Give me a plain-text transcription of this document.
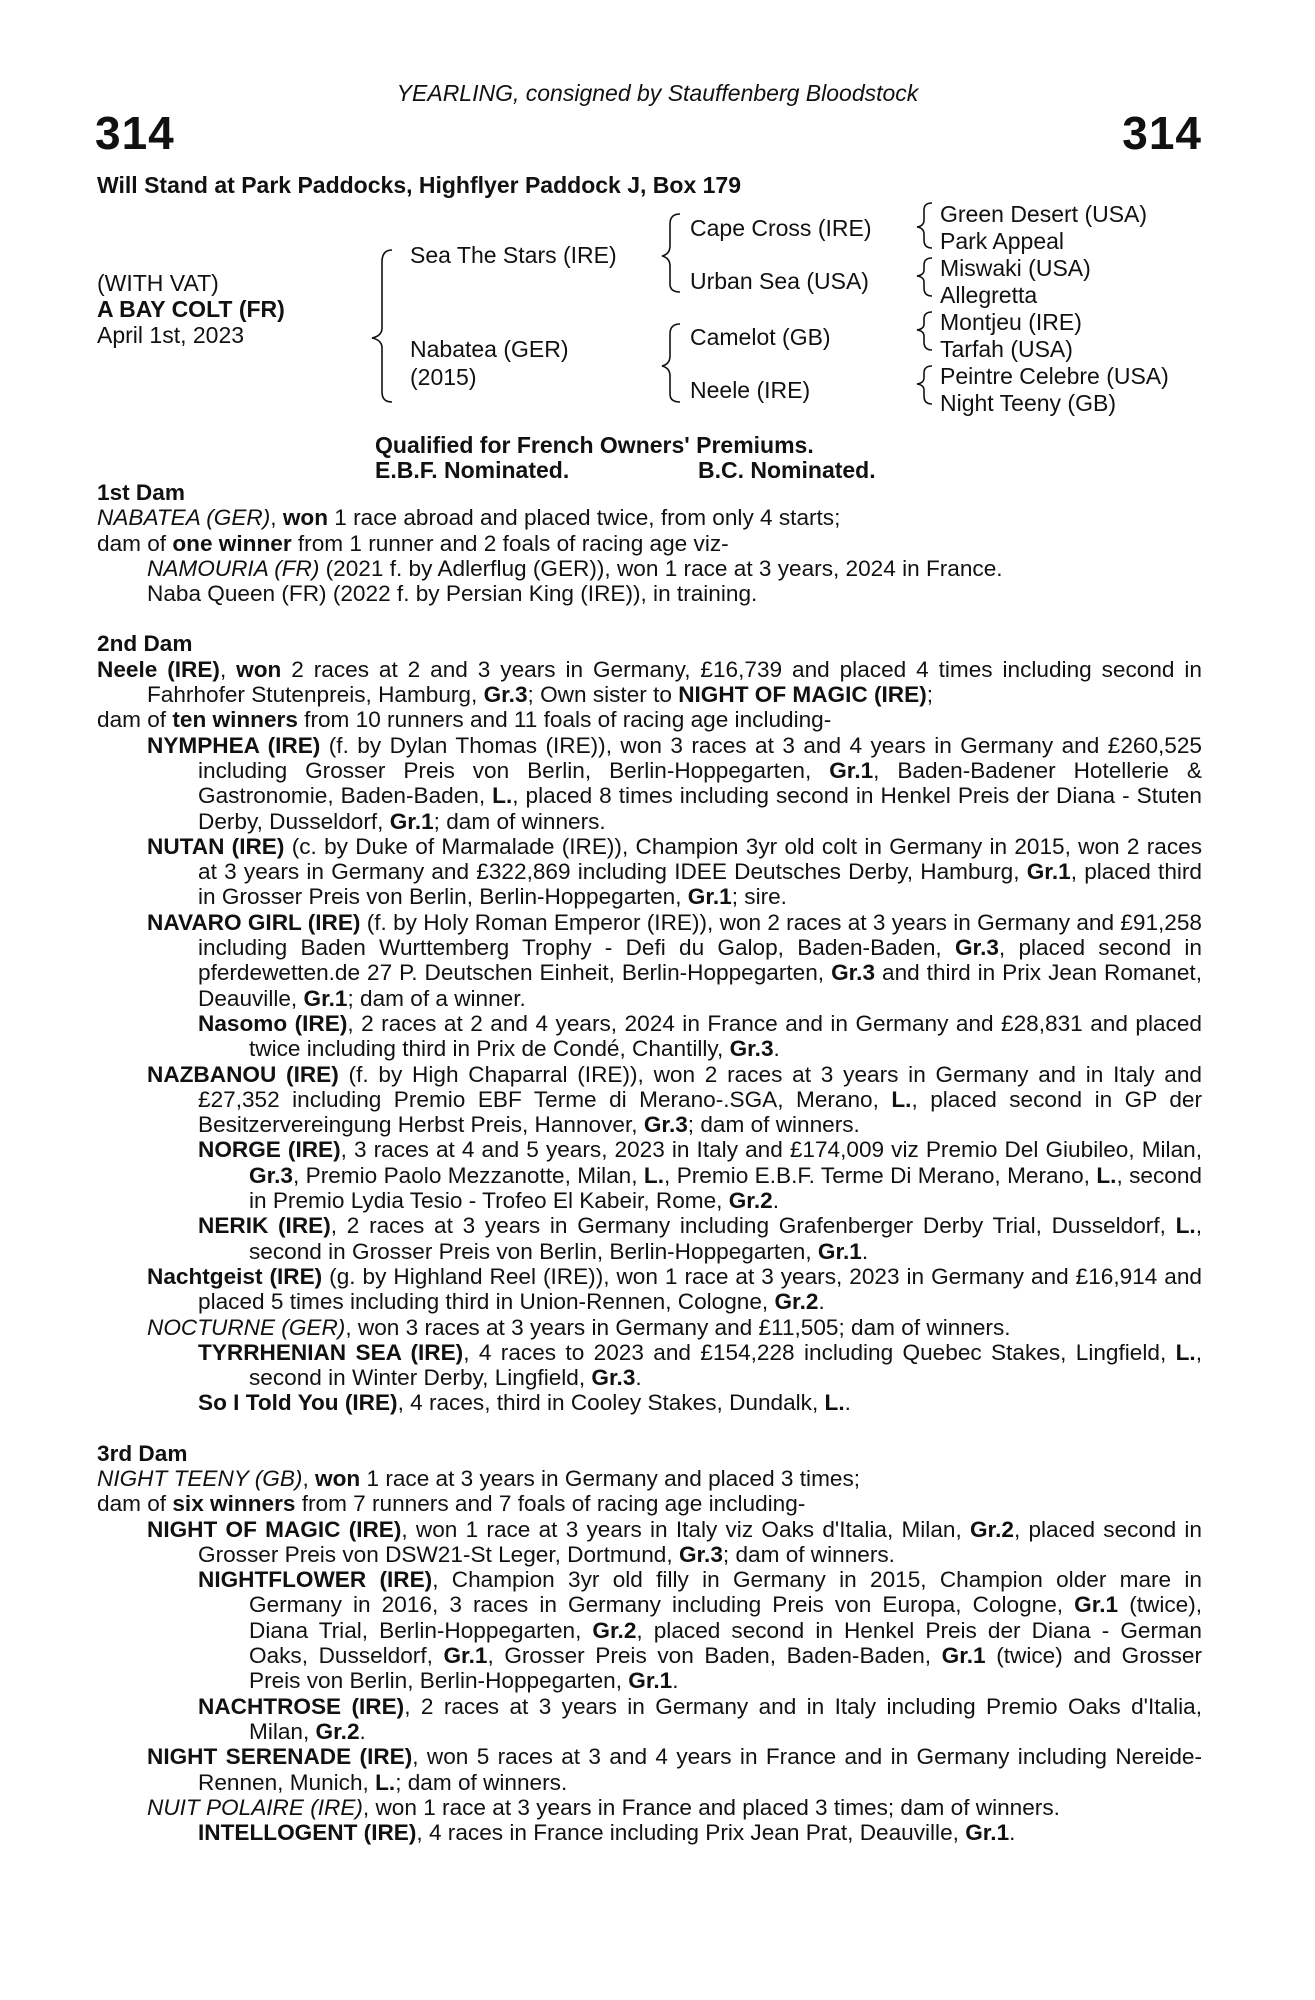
YEARLING, consigned by Stauffenberg Bloodstock
314	314
Will Stand at Park Paddocks, Highflyer Paddock J, Box 179
(WITH VAT)
A BAY COLT (FR)
April 1st, 2023
Sea The Stars (IRE)
Nabatea (GER)
(2015)
Cape Cross (IRE)
Urban Sea (USA)
Camelot (GB)
Neele (IRE)
Green Desert (USA)
Park Appeal
Miswaki (USA)
Allegretta
Montjeu (IRE)
Tarfah (USA)
Peintre Celebre (USA)
Night Teeny (GB)
Qualified for French Owners' Premiums.
E.B.F. Nominated.	B.C. Nominated.
1st Dam

NABATEA (GER), won 1 race abroad and placed twice, from only 4 starts;

dam of one winner from 1 runner and 2 foals of racing age viz-

NAMOURIA (FR) (2021 f. by Adlerflug (GER)), won 1 race at 3 years, 2024 in France.

Naba Queen (FR) (2022 f. by Persian King (IRE)), in training.

2nd Dam

Neele (IRE), won 2 races at 2 and 3 years in Germany, £16,739 and placed 4 times including second in Fahrhofer Stutenpreis, Hamburg, Gr.3; Own sister to NIGHT OF MAGIC (IRE);

dam of ten winners from 10 runners and 11 foals of racing age including-

NYMPHEA (IRE) (f. by Dylan Thomas (IRE)), won 3 races at 3 and 4 years in Germany and £260,525 including Grosser Preis von Berlin, Berlin-Hoppegarten, Gr.1, Baden-Badener Hotellerie & Gastronomie, Baden-Baden, L., placed 8 times including second in Henkel Preis der Diana - Stuten Derby, Dusseldorf, Gr.1; dam of winners.

NUTAN (IRE) (c. by Duke of Marmalade (IRE)), Champion 3yr old colt in Germany in 2015, won 2 races at 3 years in Germany and £322,869 including IDEE Deutsches Derby, Hamburg, Gr.1, placed third in Grosser Preis von Berlin, Berlin-Hoppegarten, Gr.1; sire.

NAVARO GIRL (IRE) (f. by Holy Roman Emperor (IRE)), won 2 races at 3 years in Germany and £91,258 including Baden Wurttemberg Trophy - Defi du Galop, Baden-Baden, Gr.3, placed second in pferdewetten.de 27 P. Deutschen Einheit, Berlin-Hoppegarten, Gr.3 and third in Prix Jean Romanet, Deauville, Gr.1; dam of a winner.

Nasomo (IRE), 2 races at 2 and 4 years, 2024 in France and in Germany and £28,831 and placed twice including third in Prix de Condé, Chantilly, Gr.3.

NAZBANOU (IRE) (f. by High Chaparral (IRE)), won 2 races at 3 years in Germany and in Italy and £27,352 including Premio EBF Terme di Merano-.SGA, Merano, L., placed second in GP der Besitzervereingung Herbst Preis, Hannover, Gr.3; dam of winners.

NORGE (IRE), 3 races at 4 and 5 years, 2023 in Italy and £174,009 viz Premio Del Giubileo, Milan, Gr.3, Premio Paolo Mezzanotte, Milan, L., Premio E.B.F. Terme Di Merano, Merano, L., second in Premio Lydia Tesio - Trofeo El Kabeir, Rome, Gr.2.

NERIK (IRE), 2 races at 3 years in Germany including Grafenberger Derby Trial, Dusseldorf, L., second in Grosser Preis von Berlin, Berlin-Hoppegarten, Gr.1.

Nachtgeist (IRE) (g. by Highland Reel (IRE)), won 1 race at 3 years, 2023 in Germany and £16,914 and placed 5 times including third in Union-Rennen, Cologne, Gr.2.

NOCTURNE (GER), won 3 races at 3 years in Germany and £11,505; dam of winners.

TYRRHENIAN SEA (IRE), 4 races to 2023 and £154,228 including Quebec Stakes, Lingfield, L., second in Winter Derby, Lingfield, Gr.3.

So I Told You (IRE), 4 races, third in Cooley Stakes, Dundalk, L..

3rd Dam

NIGHT TEENY (GB), won 1 race at 3 years in Germany and placed 3 times;

dam of six winners from 7 runners and 7 foals of racing age including-

NIGHT OF MAGIC (IRE), won 1 race at 3 years in Italy viz Oaks d'Italia, Milan, Gr.2, placed second in Grosser Preis von DSW21-St Leger, Dortmund, Gr.3; dam of winners.

NIGHTFLOWER (IRE), Champion 3yr old filly in Germany in 2015, Champion older mare in Germany in 2016, 3 races in Germany including Preis von Europa, Cologne, Gr.1 (twice), Diana Trial, Berlin-Hoppegarten, Gr.2, placed second in Henkel Preis der Diana - German Oaks, Dusseldorf, Gr.1, Grosser Preis von Baden, Baden-Baden, Gr.1 (twice) and Grosser Preis von Berlin, Berlin-Hoppegarten, Gr.1.

NACHTROSE (IRE), 2 races at 3 years in Germany and in Italy including Premio Oaks d'Italia, Milan, Gr.2.

NIGHT SERENADE (IRE), won 5 races at 3 and 4 years in France and in Germany including Nereide-Rennen, Munich, L.; dam of winners.

NUIT POLAIRE (IRE), won 1 race at 3 years in France and placed 3 times; dam of winners.

INTELLOGENT (IRE), 4 races in France including Prix Jean Prat, Deauville, Gr.1.
